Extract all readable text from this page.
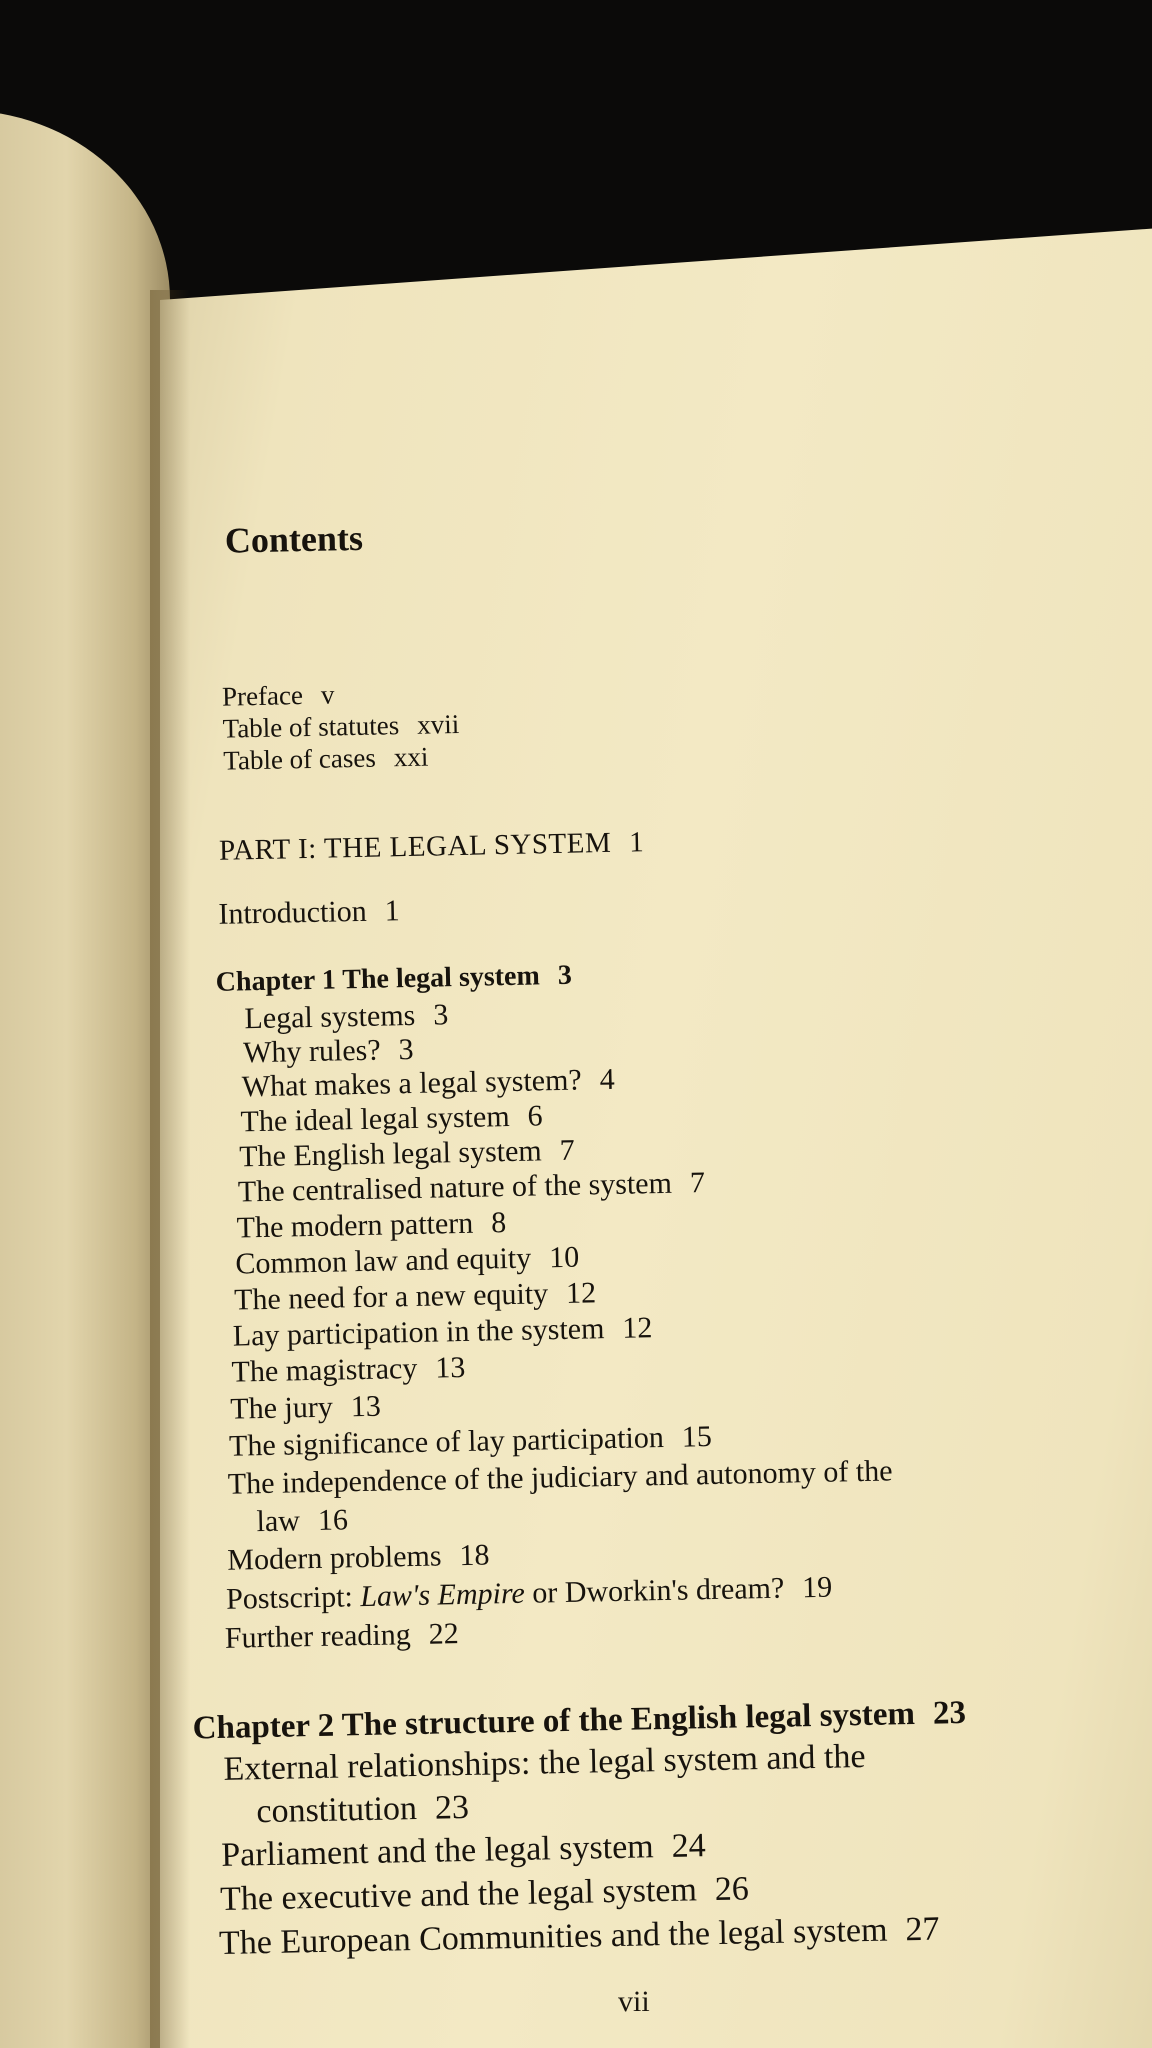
Contents
Preface v
Table of statutes xvii
Table of cases xxi
PART I: THE LEGAL SYSTEM 1
Introduction 1
Chapter 1 The legal system 3
Legal systems 3
Why rules? 3
What makes a legal system? 4
The ideal legal system 6
The English legal system 7
The centralised nature of the system 7
The modern pattern 8
Common law and equity 10
The need for a new equity 12
Lay participation in the system 12
The magistracy 13
The jury 13
The significance of lay participation 15
The independence of the judiciary and autonomy of the
law 16
Modern problems 18
Postscript: Law's Empire or Dworkin's dream? 19
Further reading 22
Chapter 2 The structure of the English legal system 23
External relationships: the legal system and the
constitution 23
Parliament and the legal system 24
The executive and the legal system 26
The European Communities and the legal system 27
vii
